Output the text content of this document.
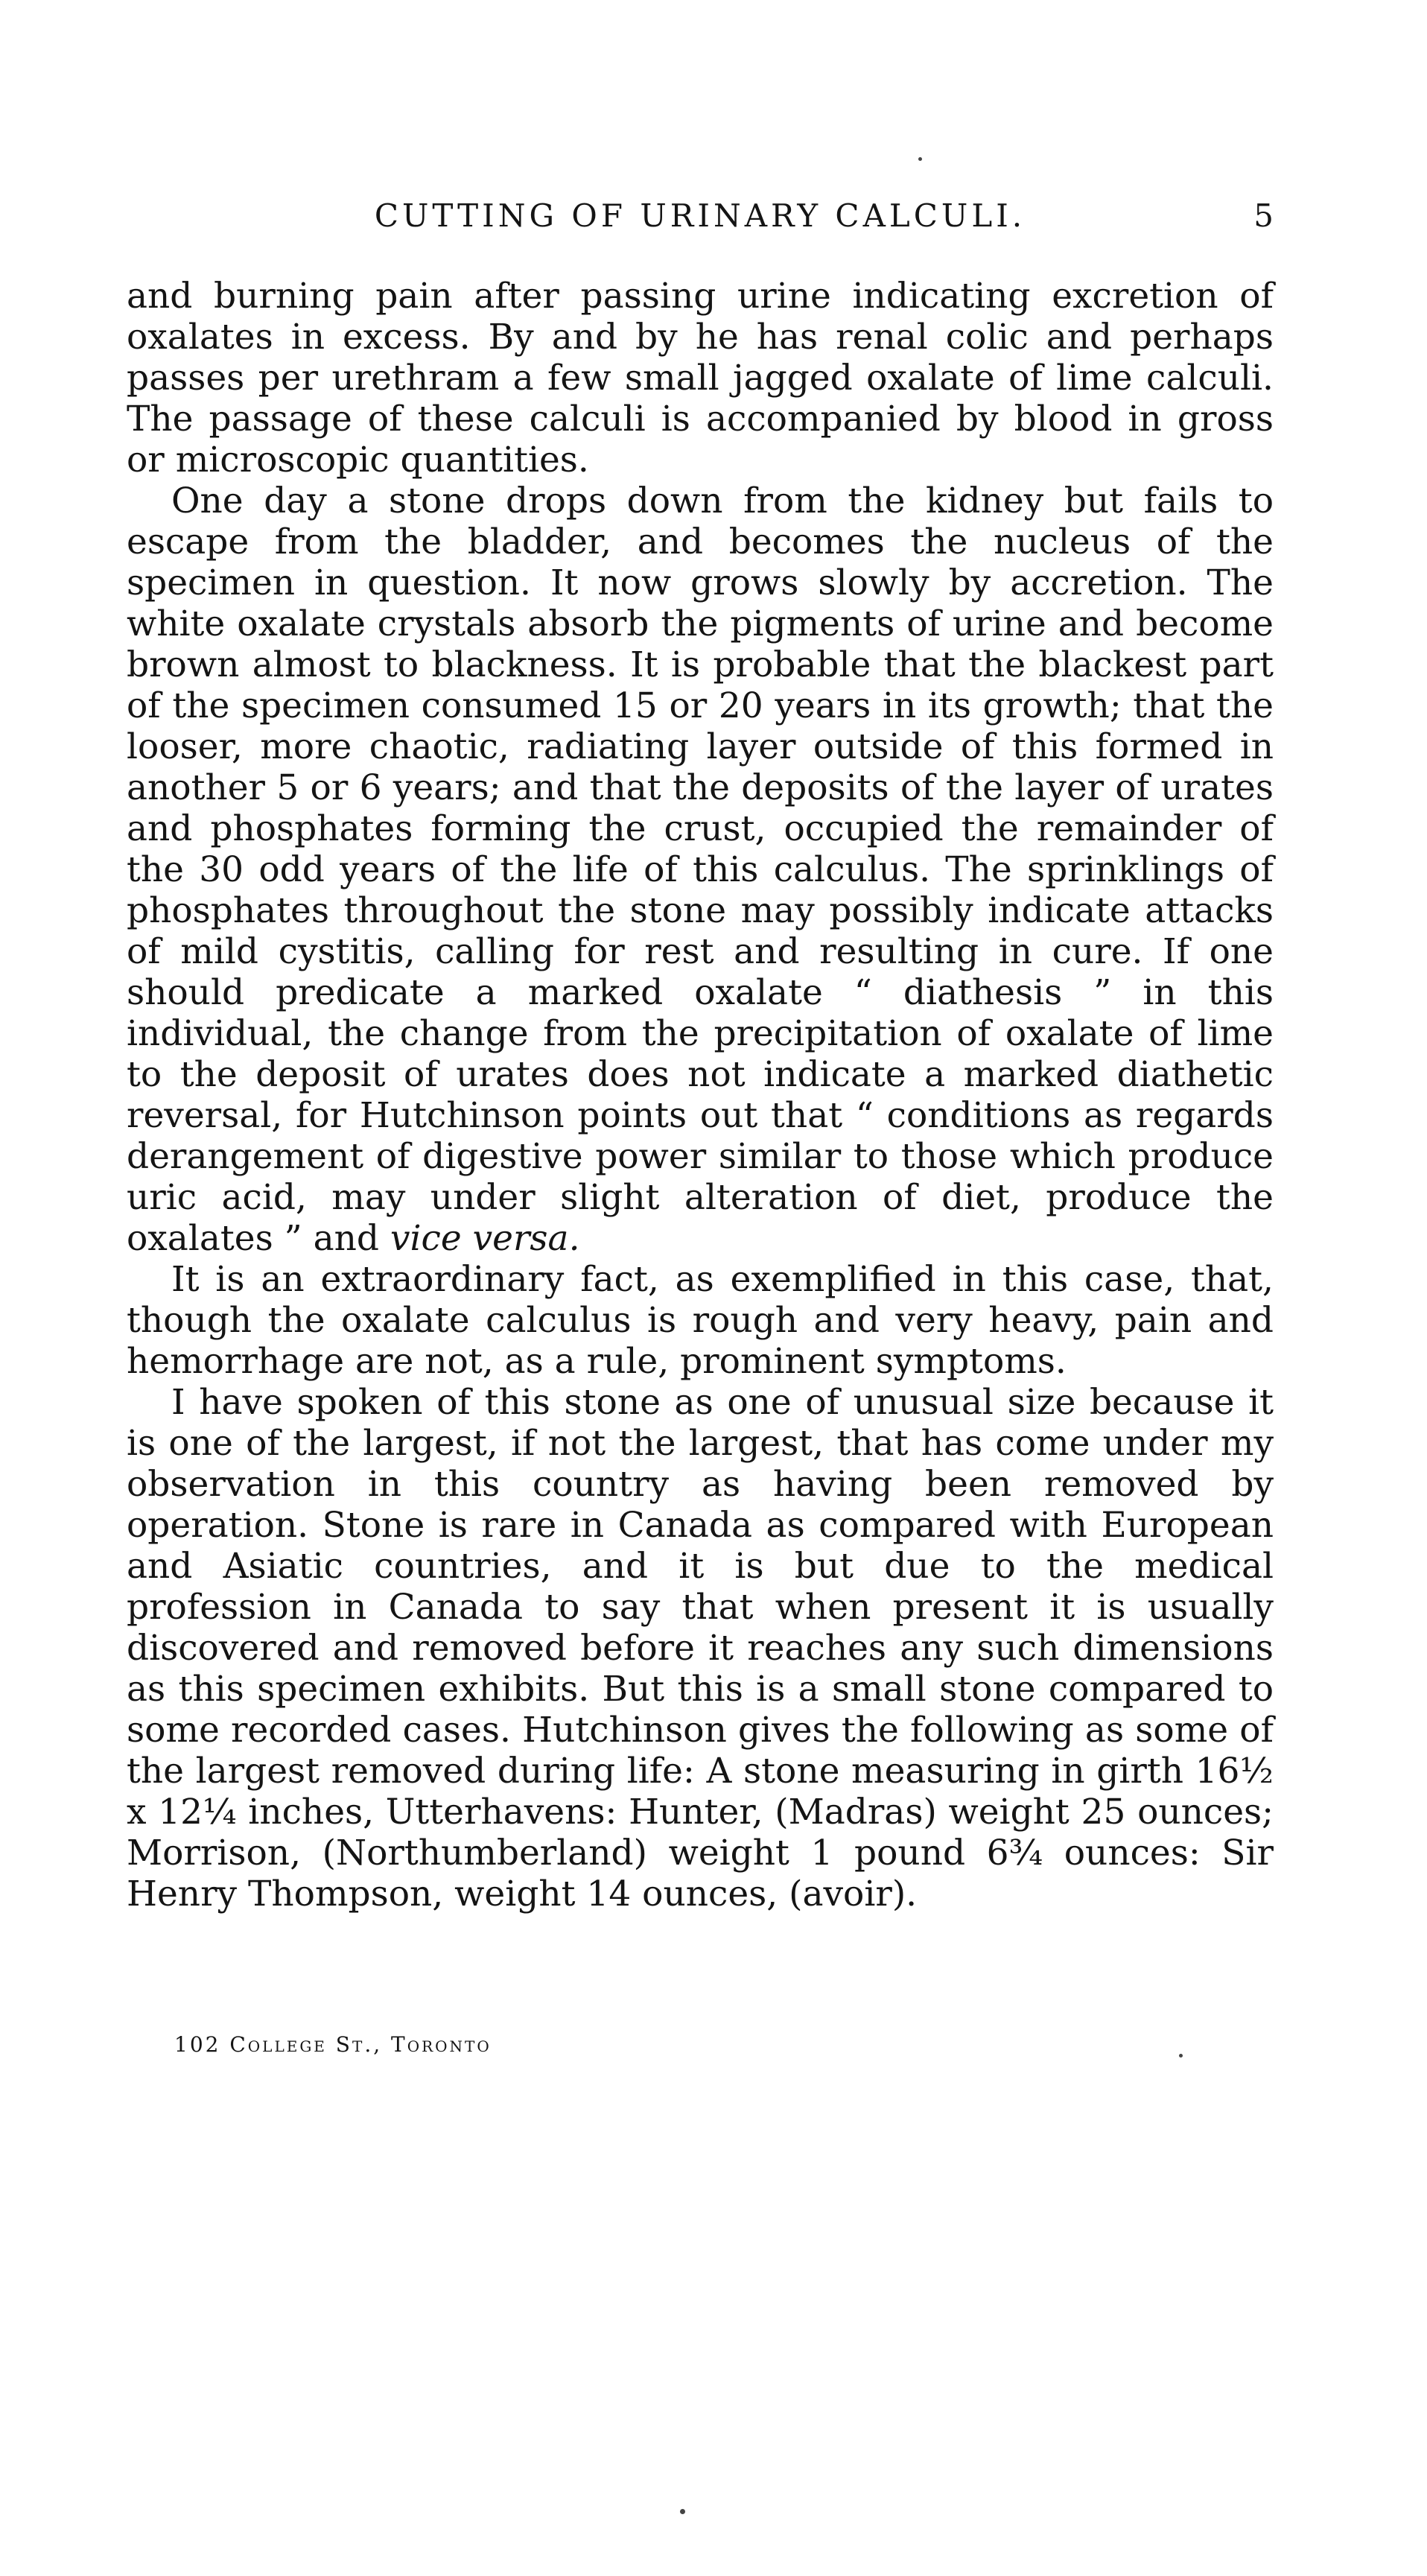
CUTTING OF URINARY CALCULI.	5

and burning pain after passing urine indicating excretion of oxalates in excess. By and by he has renal colic and perhaps passes per urethram a few small jagged oxalate of lime calculi. The passage of these calculi is accompanied by blood in gross or microscopic quantities.

One day a stone drops down from the kidney but fails to escape from the bladder, and becomes the nucleus of the specimen in question. It now grows slowly by accretion. The white oxalate crystals absorb the pigments of urine and become brown almost to blackness. It is probable that the blackest part of the specimen consumed 15 or 20 years in its growth; that the looser, more chaotic, radiating layer outside of this formed in another 5 or 6 years; and that the deposits of the layer of urates and phosphates forming the crust, occupied the remainder of the 30 odd years of the life of this calculus. The sprinklings of phosphates throughout the stone may possibly indicate attacks of mild cystitis, calling for rest and resulting in cure. If one should predicate a marked oxalate “ diathesis ” in this individual, the change from the precipitation of oxalate of lime to the deposit of urates does not indicate a marked diathetic reversal, for Hutchinson points out that “ conditions as regards derangement of digestive power similar to those which produce uric acid, may under slight alteration of diet, produce the oxalates ” and vice versa.

It is an extraordinary fact, as exemplified in this case, that, though the oxalate calculus is rough and very heavy, pain and hemorrhage are not, as a rule, prominent symptoms.

I have spoken of this stone as one of unusual size because it is one of the largest, if not the largest, that has come under my observation in this country as having been removed by operation. Stone is rare in Canada as compared with European and Asiatic countries, and it is but due to the medical profession in Canada to say that when present it is usually discovered and removed before it reaches any such dimensions as this specimen exhibits. But this is a small stone compared to some recorded cases. Hutchinson gives the following as some of the largest removed during life: A stone measuring in girth 16½ x 12¼ inches, Utterhavens: Hunter, (Madras) weight 25 ounces; Morrison, (Northumberland) weight 1 pound 6¾ ounces: Sir Henry Thompson, weight 14 ounces, (avoir).

102 College St., Toronto
